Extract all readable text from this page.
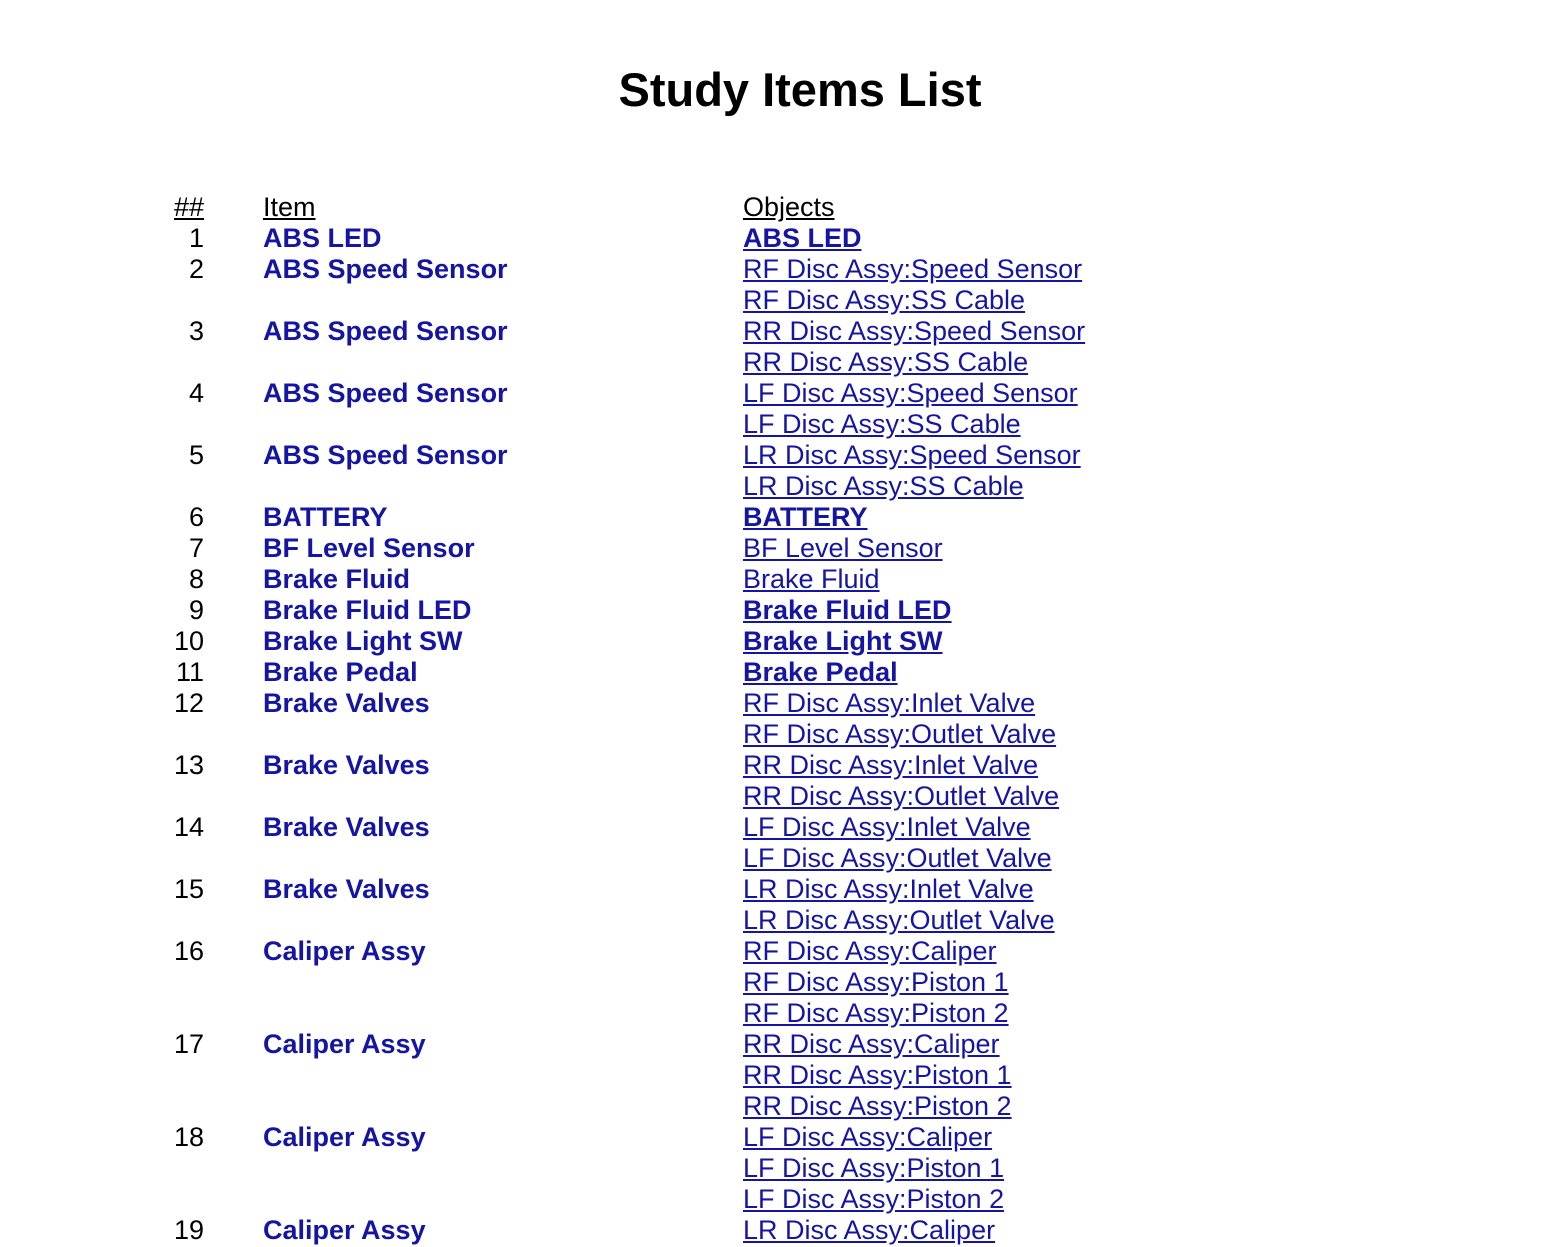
Study Items List
## Item	Objects
1 ABS LED	ABS LED
2 ABS Speed Sensor	RF Disc Assy:Speed Sensor
RF Disc Assy:SS Cable
3 ABS Speed Sensor	RR Disc Assy:Speed Sensor
RR Disc Assy:SS Cable
4 ABS Speed Sensor	LF Disc Assy:Speed Sensor
LF Disc Assy:SS Cable
5 ABS Speed Sensor	LR Disc Assy:Speed Sensor
LR Disc Assy:SS Cable
6 BATTERY	BATTERY
7 BF Level Sensor	BF Level Sensor
8 Brake Fluid	Brake Fluid
9 Brake Fluid LED	Brake Fluid LED
10 Brake Light SW	Brake Light SW
11 Brake Pedal	Brake Pedal
12 Brake Valves	RF Disc Assy:Inlet Valve
RF Disc Assy:Outlet Valve
13 Brake Valves	RR Disc Assy:Inlet Valve
RR Disc Assy:Outlet Valve
14 Brake Valves	LF Disc Assy:Inlet Valve
LF Disc Assy:Outlet Valve
15 Brake Valves	LR Disc Assy:Inlet Valve
LR Disc Assy:Outlet Valve
16 Caliper Assy	RF Disc Assy:Caliper
RF Disc Assy:Piston 1
RF Disc Assy:Piston 2
17 Caliper Assy	RR Disc Assy:Caliper
RR Disc Assy:Piston 1
RR Disc Assy:Piston 2
18 Caliper Assy	LF Disc Assy:Caliper
LF Disc Assy:Piston 1
LF Disc Assy:Piston 2
19 Caliper Assy	LR Disc Assy:Caliper
